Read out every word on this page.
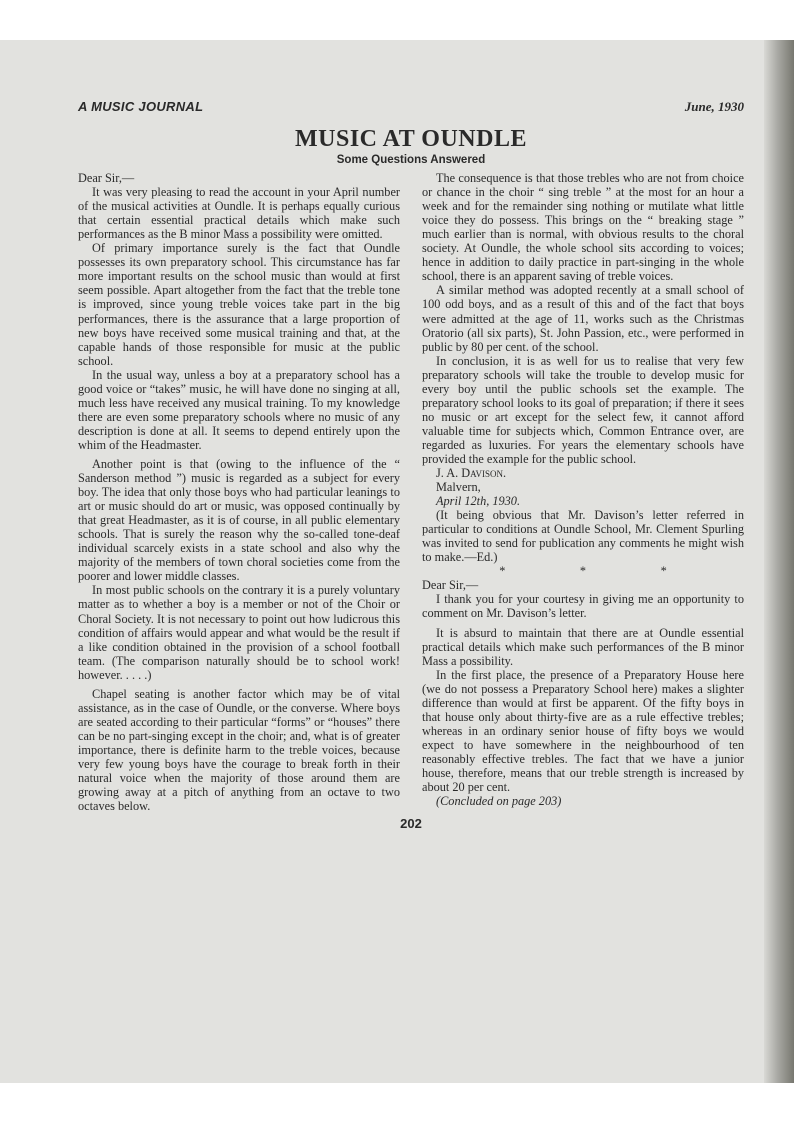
A MUSIC JOURNAL	June, 1930
MUSIC AT OUNDLE
Some Questions Answered

Dear Sir,—

It was very pleasing to read the account in your April number of the musical activities at Oundle. It is perhaps equally curious that certain essential practical details which make such performances as the B minor Mass a possibility were omitted.

Of primary importance surely is the fact that Oundle possesses its own preparatory school. This circumstance has far more important results on the school music than would at first seem possible. Apart altogether from the fact that the treble tone is improved, since young treble voices take part in the big performances, there is the assurance that a large proportion of new boys have received some musical training and that, at the capable hands of those responsible for music at the public school.

In the usual way, unless a boy at a preparatory school has a good voice or “takes” music, he will have done no singing at all, much less have received any musical training. To my knowledge there are even some preparatory schools where no music of any description is done at all. It seems to depend entirely upon the whim of the Headmaster.

Another point is that (owing to the influence of the “ Sanderson method ”) music is regarded as a subject for every boy. The idea that only those boys who had particular leanings to art or music should do art or music, was opposed continually by that great Headmaster, as it is of course, in all public elementary schools. That is surely the reason why the so-called tone-deaf individual scarcely exists in a state school and also why the majority of the members of town choral societies come from the poorer and lower middle classes.

In most public schools on the contrary it is a purely voluntary matter as to whether a boy is a member or not of the Choir or Choral Society. It is not necessary to point out how ludicrous this condition of affairs would appear and what would be the result if a like condition obtained in the provision of a school football team. (The comparison naturally should be to school work! however. . . . .)

Chapel seating is another factor which may be of vital assistance, as in the case of Oundle, or the converse. Where boys are seated according to their particular “forms” or “houses” there can be no part-singing except in the choir; and, what is of greater importance, there is definite harm to the treble voices, because very few young boys have the courage to break forth in their natural voice when the majority of those around them are growing away at a pitch of anything from an octave to two octaves below.

The consequence is that those trebles who are not from choice or chance in the choir “ sing treble ” at the most for an hour a week and for the remainder sing nothing or mutilate what little voice they do possess. This brings on the “ breaking stage ” much earlier than is normal, with obvious results to the choral society. At Oundle, the whole school sits according to voices; hence in addition to daily practice in part-singing in the whole school, there is an apparent saving of treble voices.

A similar method was adopted recently at a small school of 100 odd boys, and as a result of this and of the fact that boys were admitted at the age of 11, works such as the Christmas Oratorio (all six parts), St. John Passion, etc., were performed in public by 80 per cent. of the school.

In conclusion, it is as well for us to realise that very few preparatory schools will take the trouble to develop music for every boy until the public schools set the example. The preparatory school looks to its goal of preparation; if there it sees no music or art except for the select few, it cannot afford valuable time for subjects which, Common Entrance over, are regarded as luxuries. For years the elementary schools have provided the example for the public school.

J. A. Davison.

Malvern,

April 12th, 1930.

(It being obvious that Mr. Davison’s letter referred in particular to conditions at Oundle School, Mr. Clement Spurling was invited to send for publication any comments he might wish to make.—Ed.)

*	*	*

Dear Sir,—

I thank you for your courtesy in giving me an opportunity to comment on Mr. Davison’s letter.

It is absurd to maintain that there are at Oundle essential practical details which make such performances of the B minor Mass a possibility.

In the first place, the presence of a Preparatory House here (we do not possess a Preparatory School here) makes a slighter difference than would at first be apparent. Of the fifty boys in that house only about thirty-five are as a rule effective trebles; whereas in an ordinary senior house of fifty boys we would expect to have somewhere in the neighbourhood of ten reasonably effective trebles. The fact that we have a junior house, therefore, means that our treble strength is increased by about 20 per cent.

(Concluded on page 203)

202
